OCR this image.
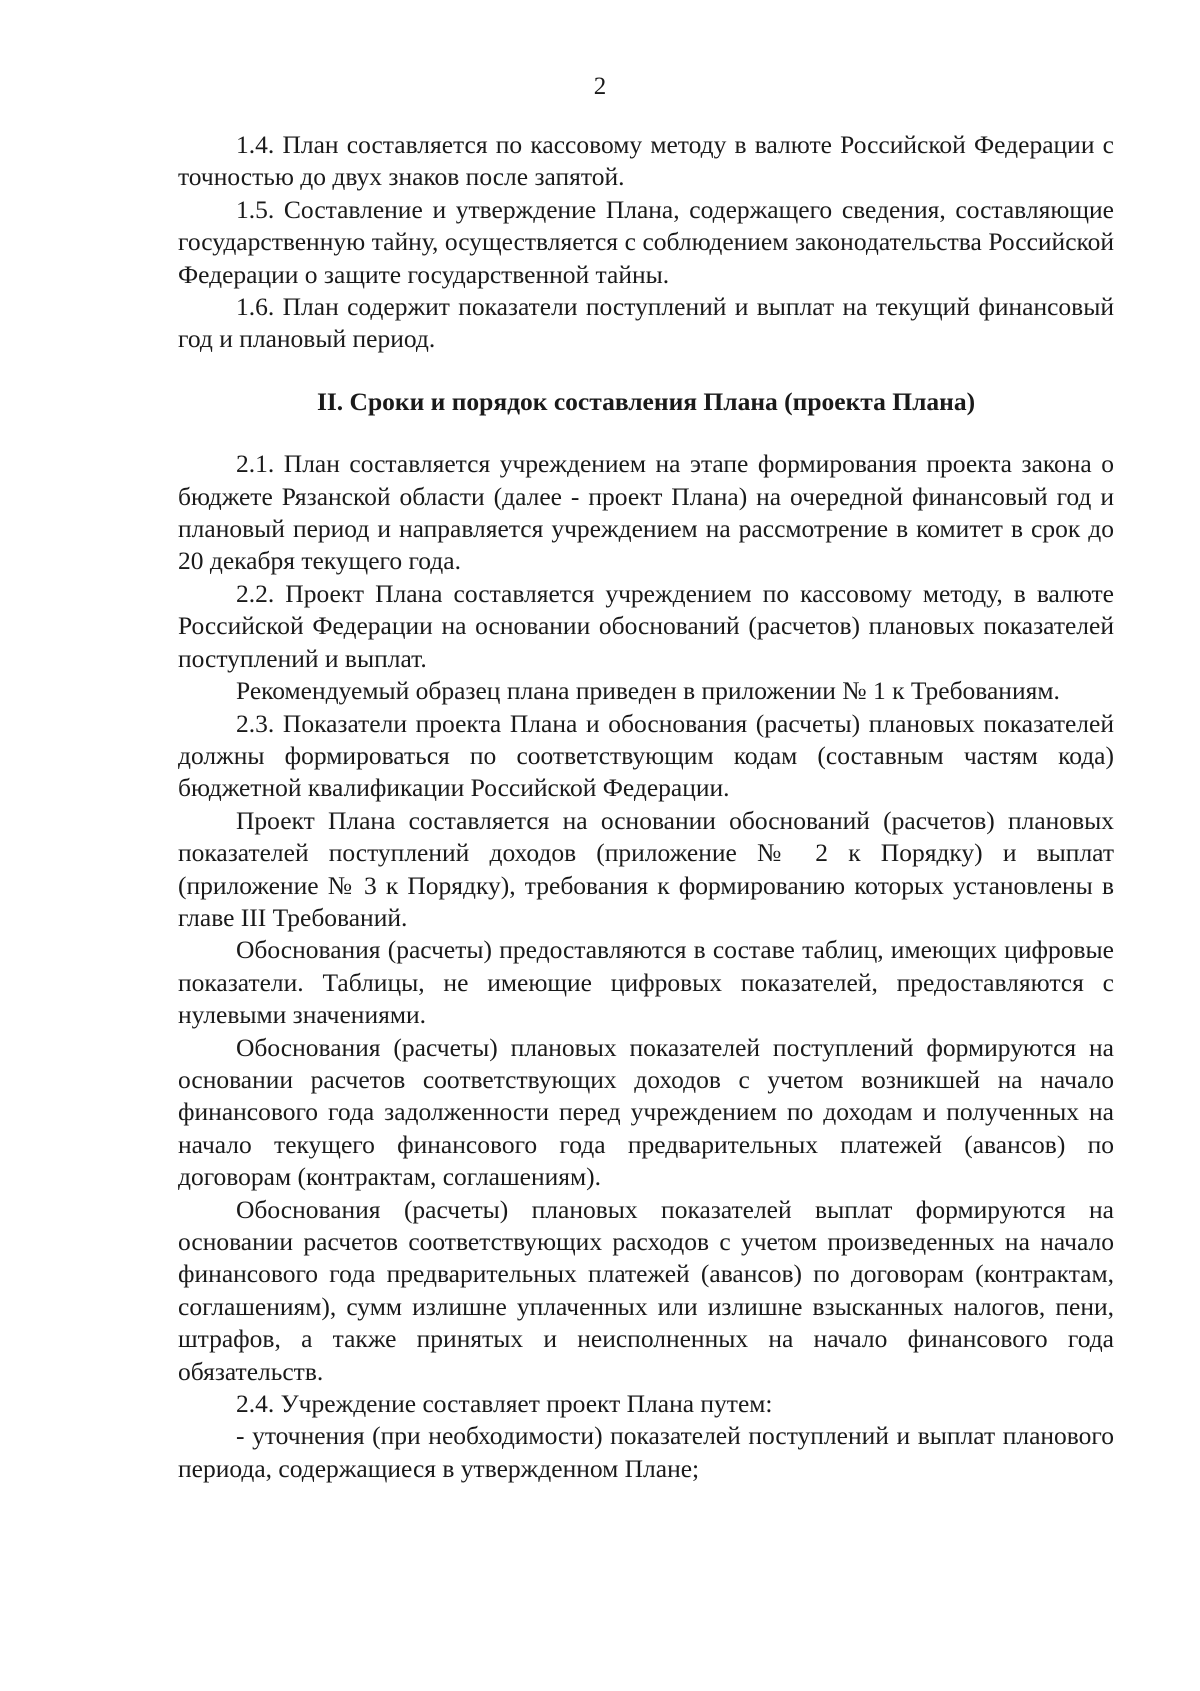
2

1.4. План составляется по кассовому методу в валюте Российской Федерации с точностью до двух знаков после запятой.

1.5. Составление и утверждение Плана, содержащего сведения, составляющие государственную тайну, осуществляется с соблюдением законодательства Российской Федерации о защите государственной тайны.

1.6. План содержит показатели поступлений и выплат на текущий финансовый год и плановый период.

II. Сроки и порядок составления Плана (проекта Плана)

2.1. План составляется учреждением на этапе формирования проекта закона о бюджете Рязанской области (далее - проект Плана) на очередной финансовый год и плановый период и направляется учреждением на рассмотрение в комитет в срок до 20 декабря текущего года.

2.2. Проект Плана составляется учреждением по кассовому методу, в валюте Российской Федерации на основании обоснований (расчетов) плановых показателей поступлений и выплат.

Рекомендуемый образец плана приведен в приложении № 1 к Требованиям.

2.3. Показатели проекта Плана и обоснования (расчеты) плановых показателей должны формироваться по соответствующим кодам (составным частям кода) бюджетной квалификации Российской Федерации.

Проект Плана составляется на основании обоснований (расчетов) плановых показателей поступлений доходов (приложение № 2 к Порядку) и выплат (приложение № 3 к Порядку), требования к формированию которых установлены в главе III Требований.

Обоснования (расчеты) предоставляются в составе таблиц, имеющих цифровые показатели. Таблицы, не имеющие цифровых показателей, предоставляются с нулевыми значениями.

Обоснования (расчеты) плановых показателей поступлений формируются на основании расчетов соответствующих доходов с учетом возникшей на начало финансового года задолженности перед учреждением по доходам и полученных на начало текущего финансового года предварительных платежей (авансов) по договорам (контрактам, соглашениям).

Обоснования (расчеты) плановых показателей выплат формируются на основании расчетов соответствующих расходов с учетом произведенных на начало финансового года предварительных платежей (авансов) по договорам (контрактам, соглашениям), сумм излишне уплаченных или излишне взысканных налогов, пени, штрафов, а также принятых и неисполненных на начало финансового года обязательств.

2.4. Учреждение составляет проект Плана путем:

- уточнения (при необходимости) показателей поступлений и выплат планового периода, содержащиеся в утвержденном Плане;
